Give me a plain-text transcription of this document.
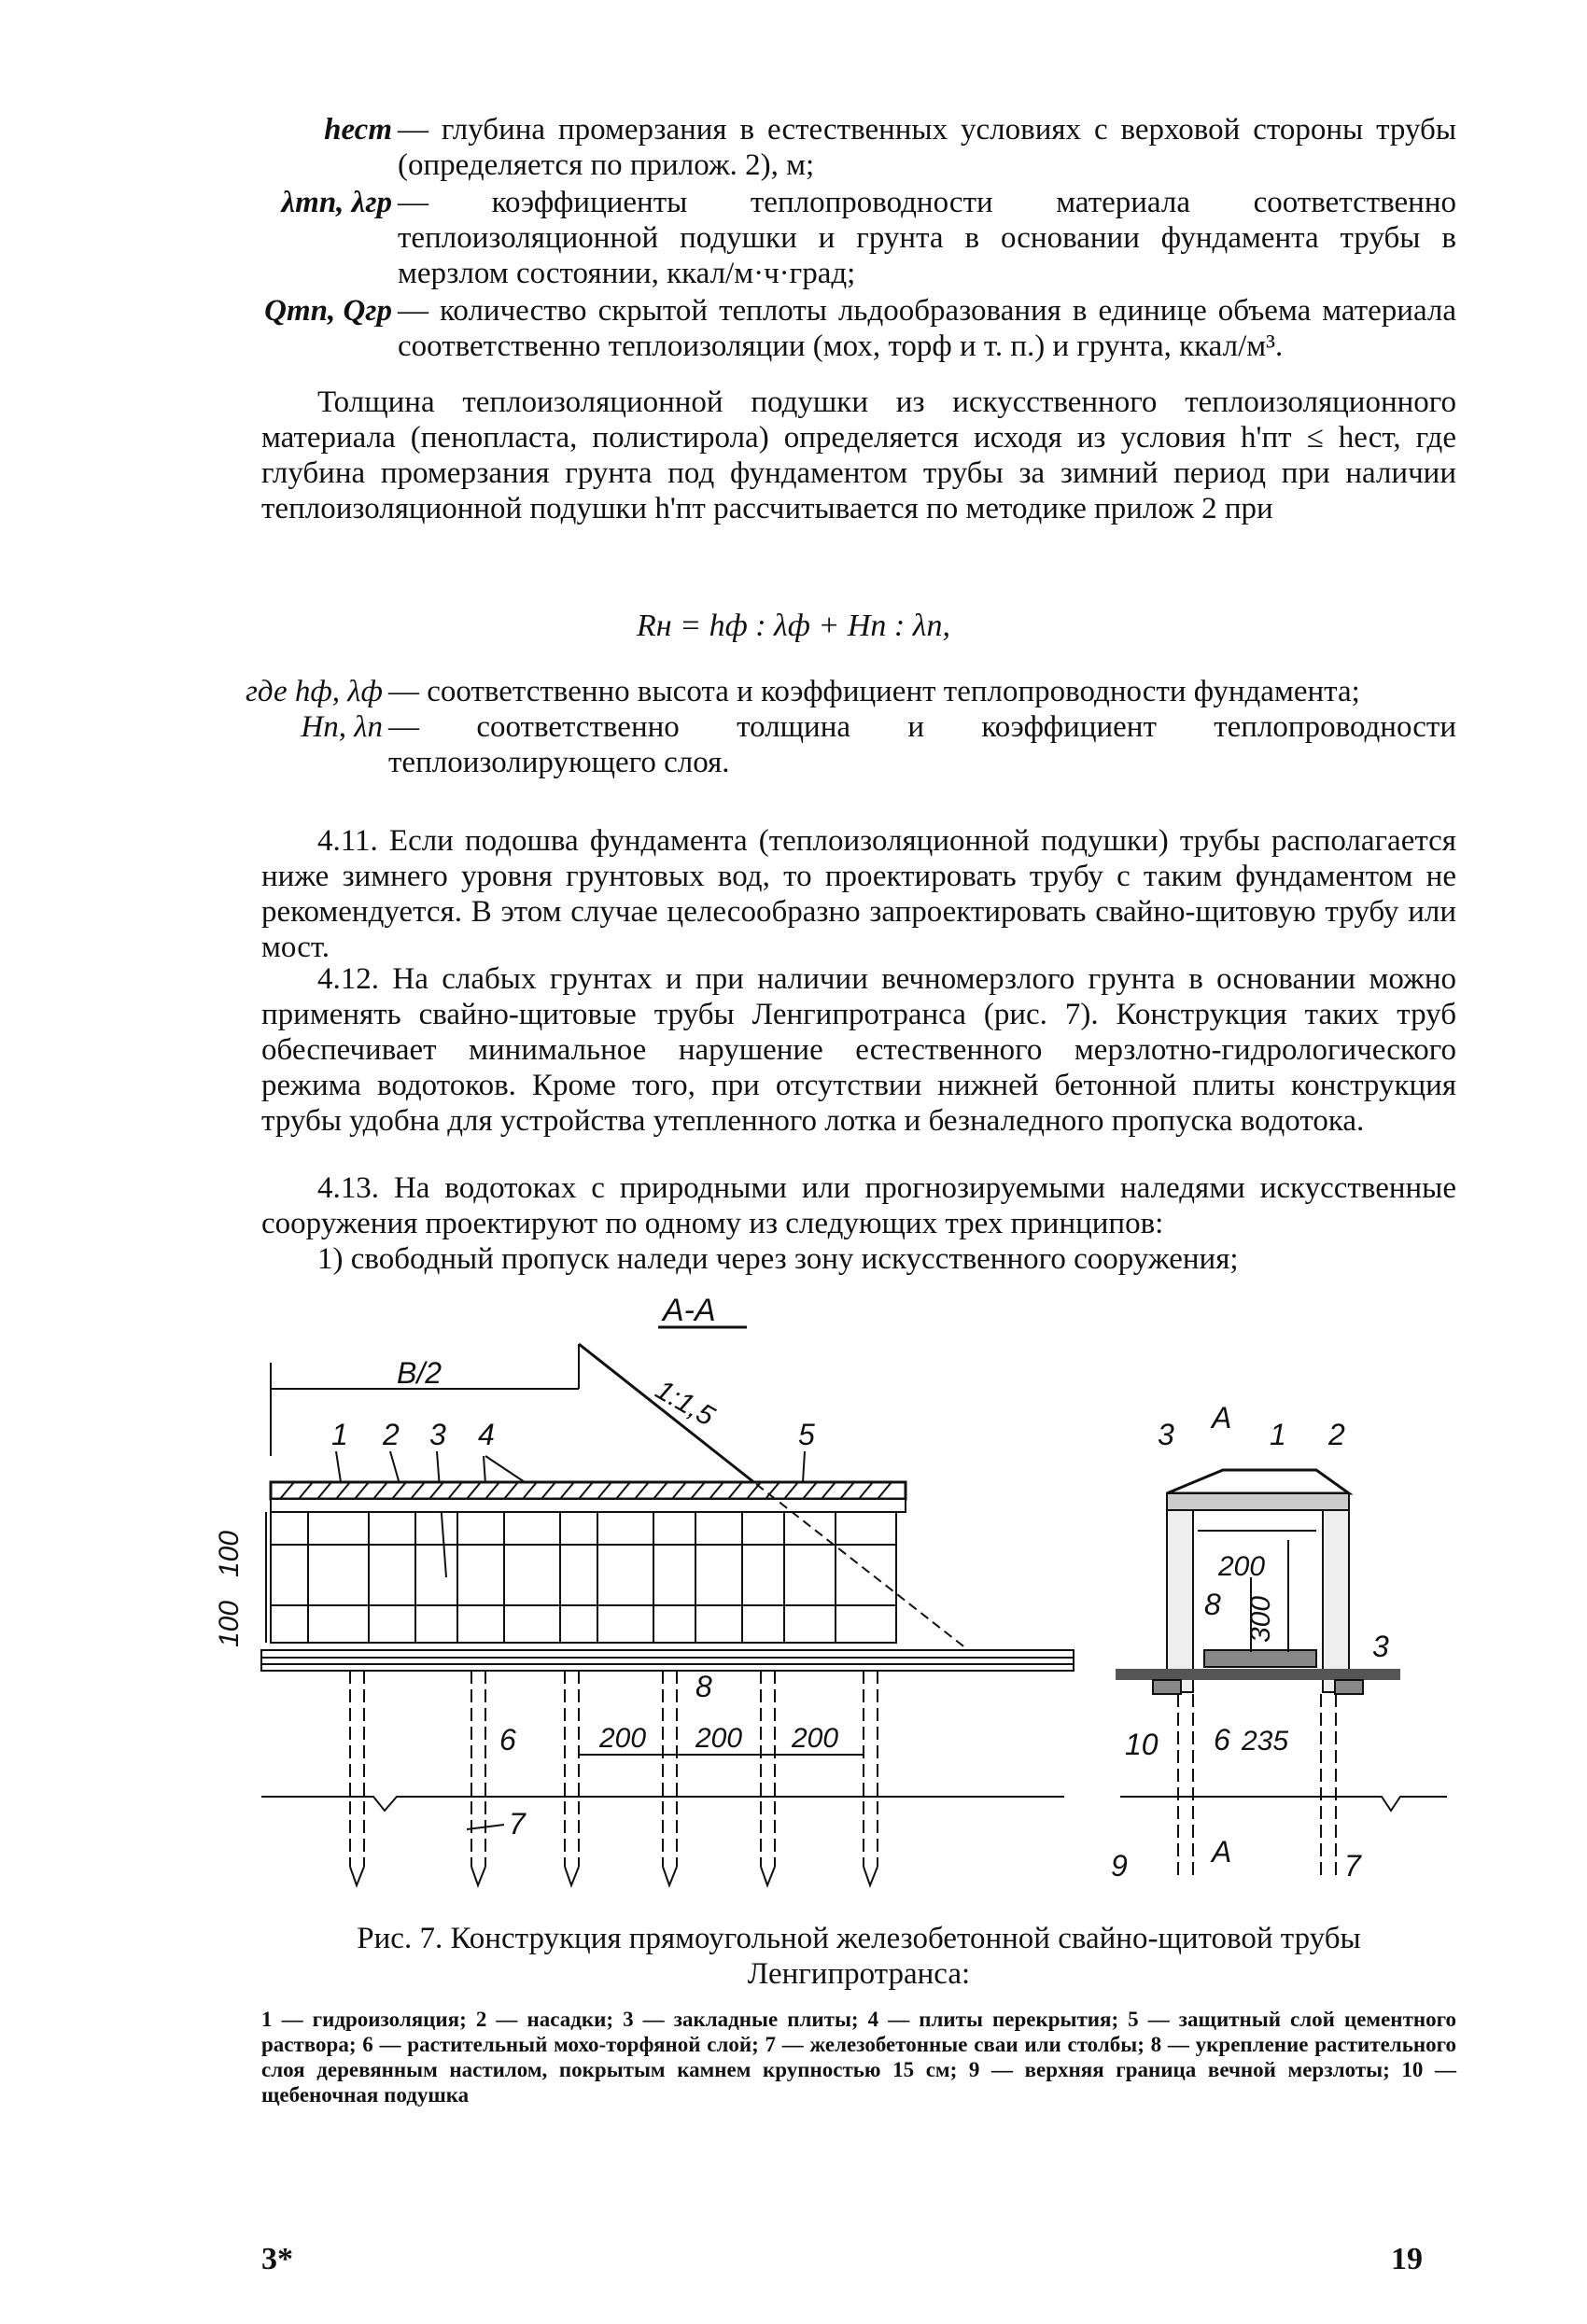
hест — глубина промерзания в естественных условиях с верховой стороны трубы (определяется по прилож. 2), м;
λтп, λгр — коэффициенты теплопроводности материала соответственно теплоизоляционной подушки и грунта в основании фундамента трубы в мерзлом состоянии, ккал/м·ч·град;
Qтп, Qгр — количество скрытой теплоты льдообразования в единице объема материала соответственно теплоизоляции (мох, торф и т. п.) и грунта, ккал/м³.

Толщина теплоизоляционной подушки из искусственного теплоизоляционного материала (пенопласта, полистирола) определяется исходя из условия h'пт ≤ hест, где глубина промерзания грунта под фундаментом трубы за зимний период при наличии теплоизоляционной подушки h'пт рассчитывается по методике прилож 2 при

Rн = hф : λф + Hп : λп,
где hф, λф — соответственно высота и коэффициент теплопроводности фундамента;
Hп, λп — соответственно толщина и коэффициент теплопроводности теплоизолирующего слоя.

4.11. Если подошва фундамента (теплоизоляционной подушки) трубы располагается ниже зимнего уровня грунтовых вод, то проектировать трубу с таким фундаментом не рекомендуется. В этом случае целесообразно запроектировать свайно-щитовую трубу или мост.

4.12. На слабых грунтах и при наличии вечномерзлого грунта в основании можно применять свайно-щитовые трубы Ленгипротранса (рис. 7). Конструкция таких труб обеспечивает минимальное нарушение естественного мерзлотно-гидрологического режима водотоков. Кроме того, при отсутствии нижней бетонной плиты конструкция трубы удобна для устройства утепленного лотка и безналедного пропуска водотока.

4.13. На водотоках с природными или прогнозируемыми наледями искусственные сооружения проектируют по одному из следующих трех принципов:

1) свободный пропуск наледи через зону искусственного сооружения;

А-А
B/2
1:1,5
1 2 3 4	5
100
100
200 200 200
6
7
8
3 А 1 2
200
8 300
3
10 6 235
9	А	7
Рис. 7. Конструкция прямоугольной железобетонной свайно-щитовой трубы Ленгипротранса:
1 — гидроизоляция; 2 — насадки; 3 — закладные плиты; 4 — плиты перекрытия; 5 — защитный слой цементного раствора; 6 — растительный мохо-торфяной слой; 7 — железобетонные сваи или столбы; 8 — укрепление растительного слоя деревянным настилом, покрытым камнем крупностью 15 см; 9 — верхняя граница вечной мерзлоты; 10 — щебеночная подушка
3*	19
